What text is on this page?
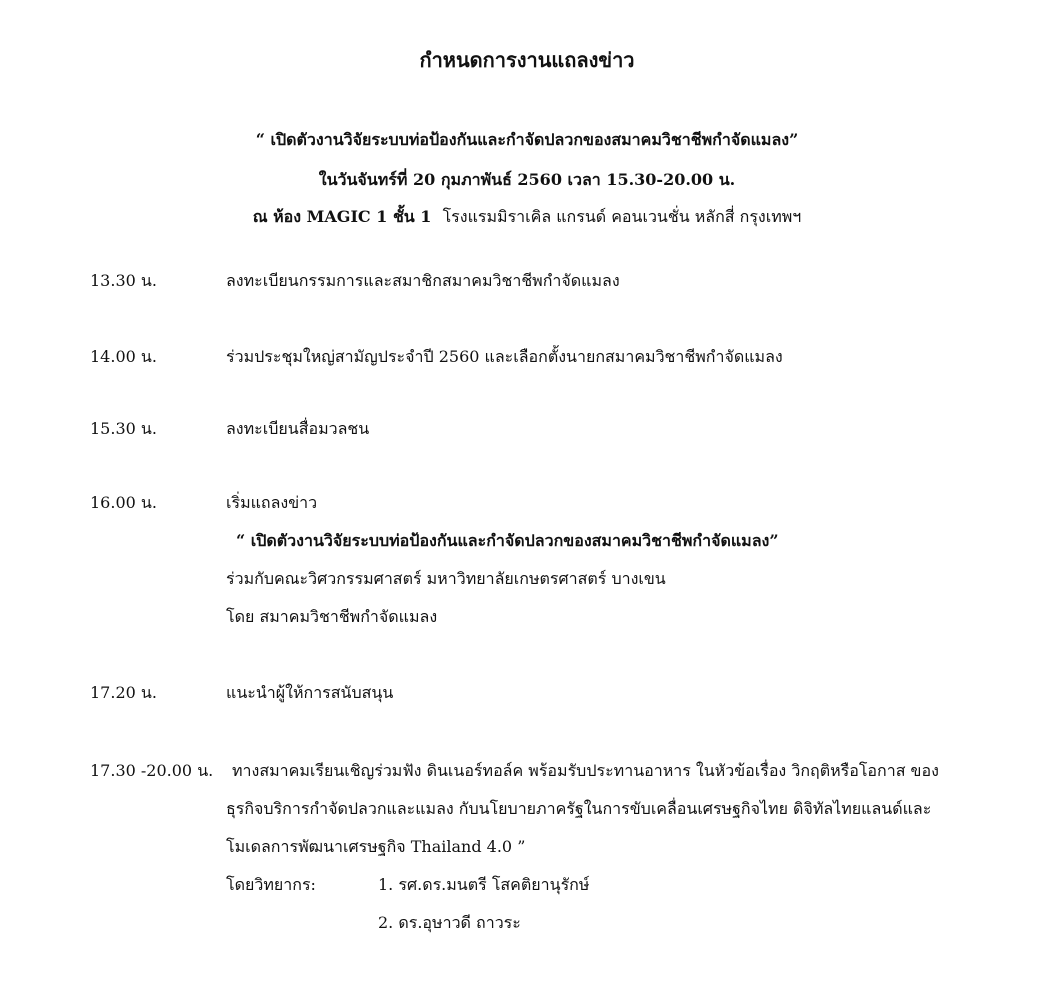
กำหนดการงานแถลงข่าว
“ เปิดตัวงานวิจัยระบบท่อป้องกันและกำจัดปลวกของสมาคมวิชาชีพกำจัดแมลง”
ในวันจันทร์ที่ 20 กุมภาพันธ์ 2560 เวลา 15.30-20.00 น.
ณ ห้อง MAGIC 1 ชั้น 1 โรงแรมมิราเคิล แกรนด์ คอนเวนชั่น หลักสี่ กรุงเทพฯ
13.30 น.	ลงทะเบียนกรรมการและสมาชิกสมาคมวิชาชีพกำจัดแมลง
14.00 น.	ร่วมประชุมใหญ่สามัญประจำปี 2560 และเลือกตั้งนายกสมาคมวิชาชีพกำจัดแมลง
15.30 น.	ลงทะเบียนสื่อมวลชน
16.00 น.	เริ่มแถลงข่าว
“ เปิดตัวงานวิจัยระบบท่อป้องกันและกำจัดปลวกของสมาคมวิชาชีพกำจัดแมลง”
ร่วมกับคณะวิศวกรรมศาสตร์ มหาวิทยาลัยเกษตรศาสตร์ บางเขน
โดย สมาคมวิชาชีพกำจัดแมลง
17.20 น.	แนะนำผู้ให้การสนับสนุน
17.30 -20.00 น. ทางสมาคมเรียนเชิญร่วมฟัง ดินเนอร์ทอล์ค พร้อมรับประทานอาหาร ในหัวข้อเรื่อง วิกฤติหรือโอกาส ของ
ธุรกิจบริการกำจัดปลวกและแมลง กับนโยบายภาครัฐในการขับเคลื่อนเศรษฐกิจไทย ดิจิทัลไทยแลนด์และ
โมเดลการพัฒนาเศรษฐกิจ Thailand 4.0 ”
โดยวิทยากร:	1. รศ.ดร.มนตรี โสคติยานุรักษ์
2. ดร.อุษาวดี ถาวระ
